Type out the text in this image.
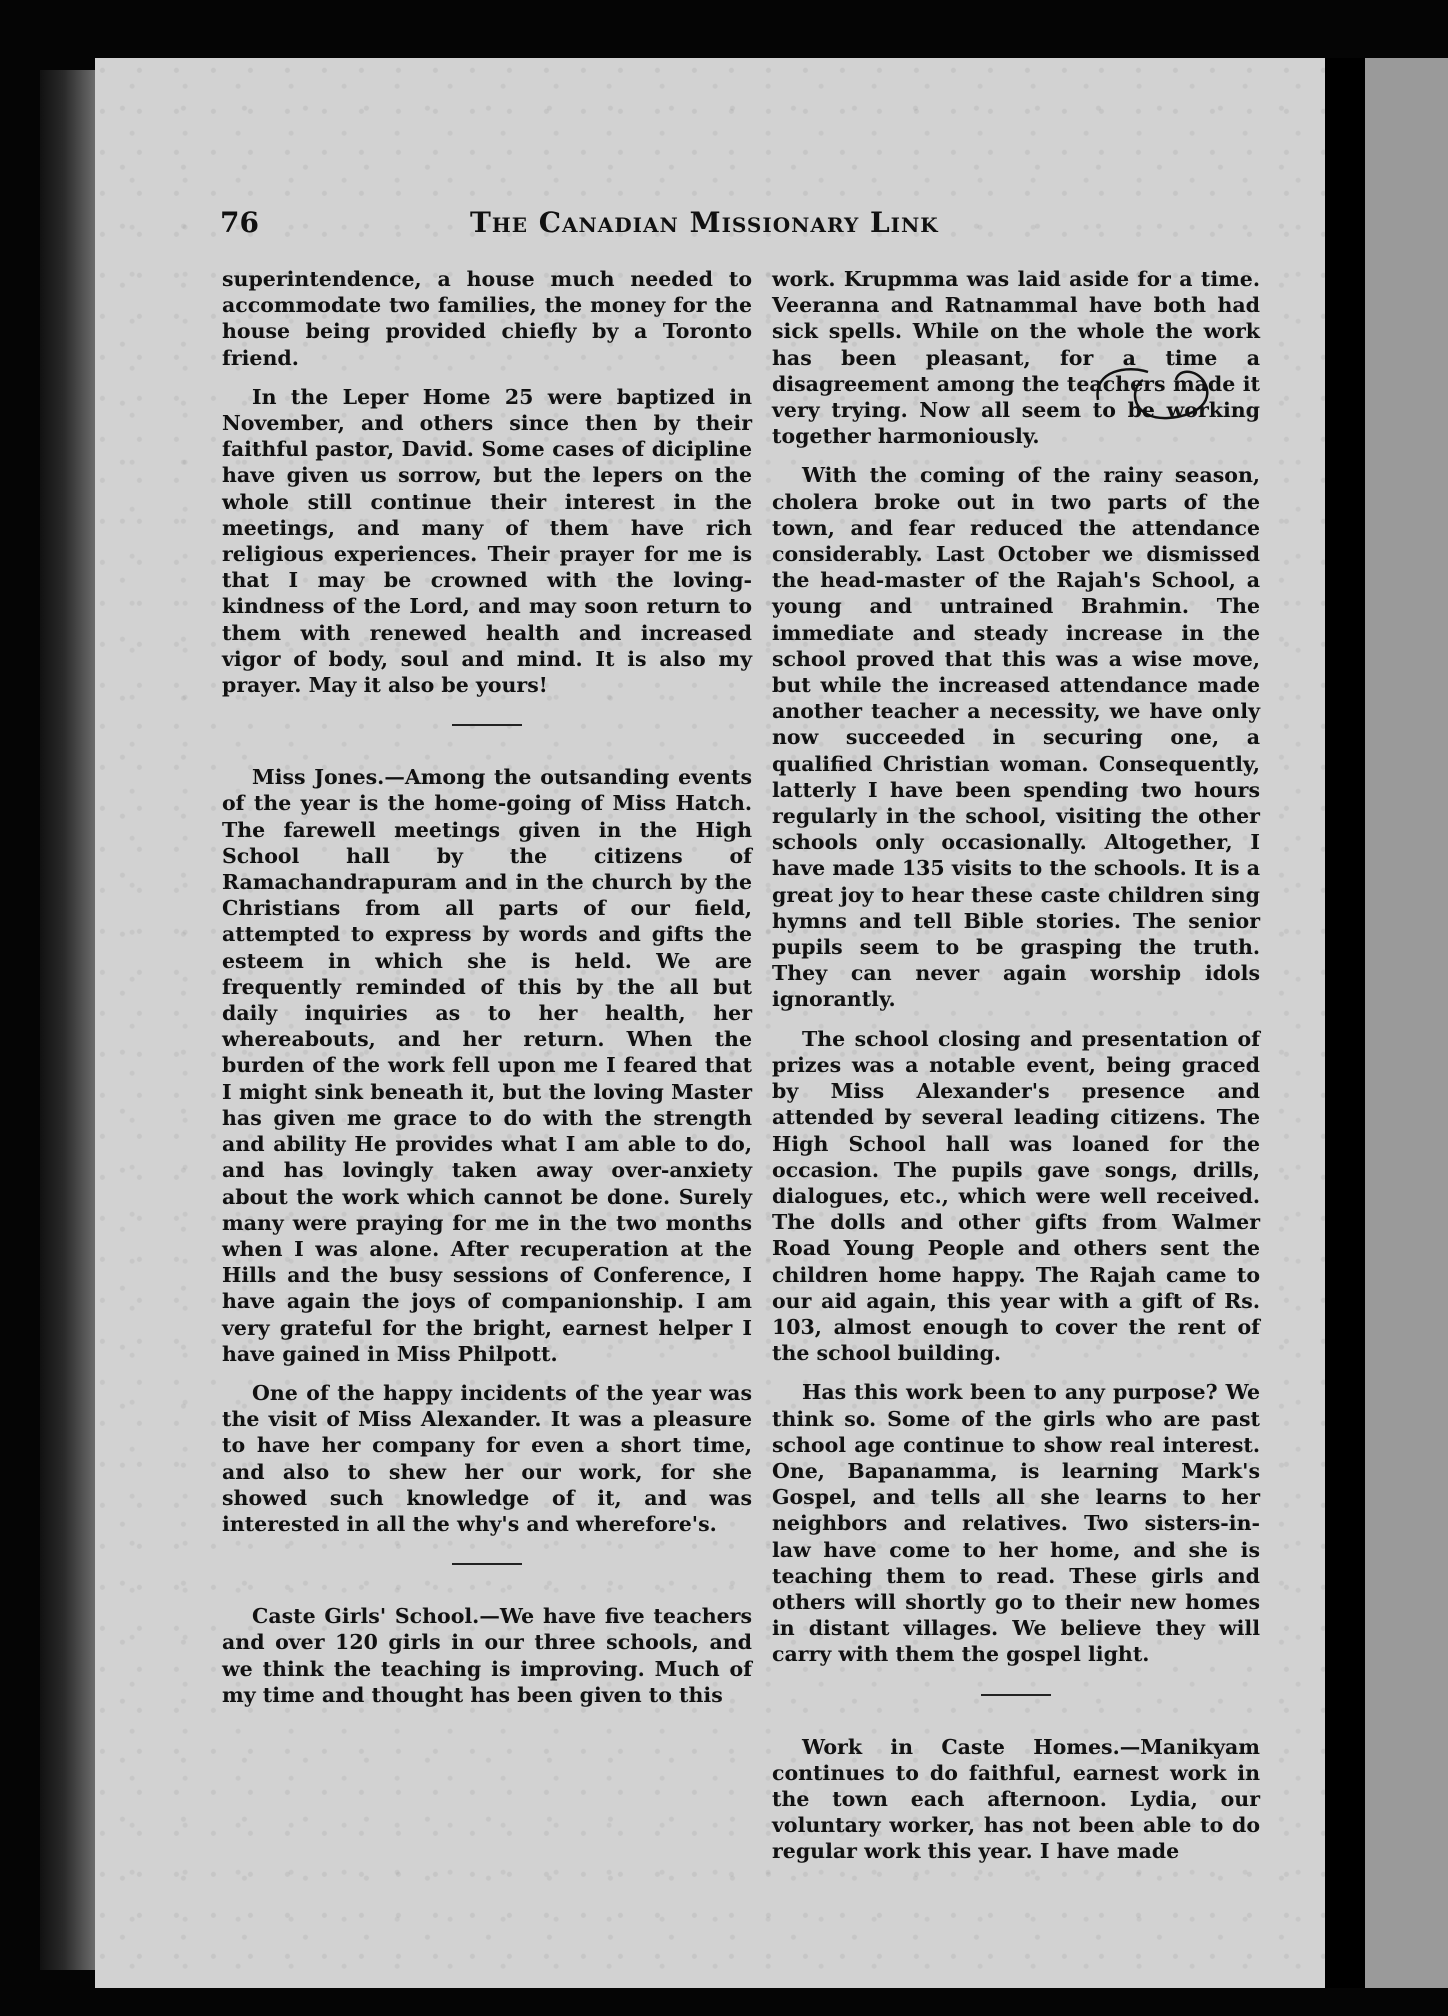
76	The Canadian Missionary Link

superintendence, a house much needed to accommodate two families, the money for the house being provided chiefly by a Toronto friend.

In the Leper Home 25 were baptized in November, and others since then by their faithful pastor, David. Some cases of dicipline have given us sorrow, but the lepers on the whole still continue their interest in the meetings, and many of them have rich religious experiences. Their prayer for me is that I may be crowned with the loving-kindness of the Lord, and may soon return to them with renewed health and increased vigor of body, soul and mind. It is also my prayer. May it also be yours!

Miss Jones.—Among the outsanding events of the year is the home-going of Miss Hatch. The farewell meetings given in the High School hall by the citizens of Ramachandrapuram and in the church by the Christians from all parts of our field, attempted to express by words and gifts the esteem in which she is held. We are frequently reminded of this by the all but daily inquiries as to her health, her whereabouts, and her return. When the burden of the work fell upon me I feared that I might sink beneath it, but the loving Master has given me grace to do with the strength and ability He provides what I am able to do, and has lovingly taken away over-anxiety about the work which cannot be done. Surely many were praying for me in the two months when I was alone. After recuperation at the Hills and the busy sessions of Conference, I have again the joys of companionship. I am very grateful for the bright, earnest helper I have gained in Miss Philpott.

One of the happy incidents of the year was the visit of Miss Alexander. It was a pleasure to have her company for even a short time, and also to shew her our work, for she showed such knowledge of it, and was interested in all the why's and wherefore's.

Caste Girls' School.—We have five teachers and over 120 girls in our three schools, and we think the teaching is improving. Much of my time and thought has been given to this

work. Krupmma was laid aside for a time. Veeranna and Ratnammal have both had sick spells. While on the whole the work has been pleasant, for a time a disagreement among the teachers made it very trying. Now all seem to be working together harmoniously.

With the coming of the rainy season, cholera broke out in two parts of the town, and fear reduced the attendance considerably. Last October we dismissed the head-master of the Rajah's School, a young and untrained Brahmin. The immediate and steady increase in the school proved that this was a wise move, but while the increased attendance made another teacher a necessity, we have only now succeeded in securing one, a qualified Christian woman. Consequently, latterly I have been spending two hours regularly in the school, visiting the other schools only occasionally. Altogether, I have made 135 visits to the schools. It is a great joy to hear these caste children sing hymns and tell Bible stories. The senior pupils seem to be grasping the truth. They can never again worship idols ignorantly.

The school closing and presentation of prizes was a notable event, being graced by Miss Alexander's presence and attended by several leading citizens. The High School hall was loaned for the occasion. The pupils gave songs, drills, dialogues, etc., which were well received. The dolls and other gifts from Walmer Road Young People and others sent the children home happy. The Rajah came to our aid again, this year with a gift of Rs. 103, almost enough to cover the rent of the school building.

Has this work been to any purpose? We think so. Some of the girls who are past school age continue to show real interest. One, Bapanamma, is learning Mark's Gospel, and tells all she learns to her neighbors and relatives. Two sisters-in-law have come to her home, and she is teaching them to read. These girls and others will shortly go to their new homes in distant villages. We believe they will carry with them the gospel light.

Work in Caste Homes.—Manikyam continues to do faithful, earnest work in the town each afternoon. Lydia, our voluntary worker, has not been able to do regular work this year. I have made
